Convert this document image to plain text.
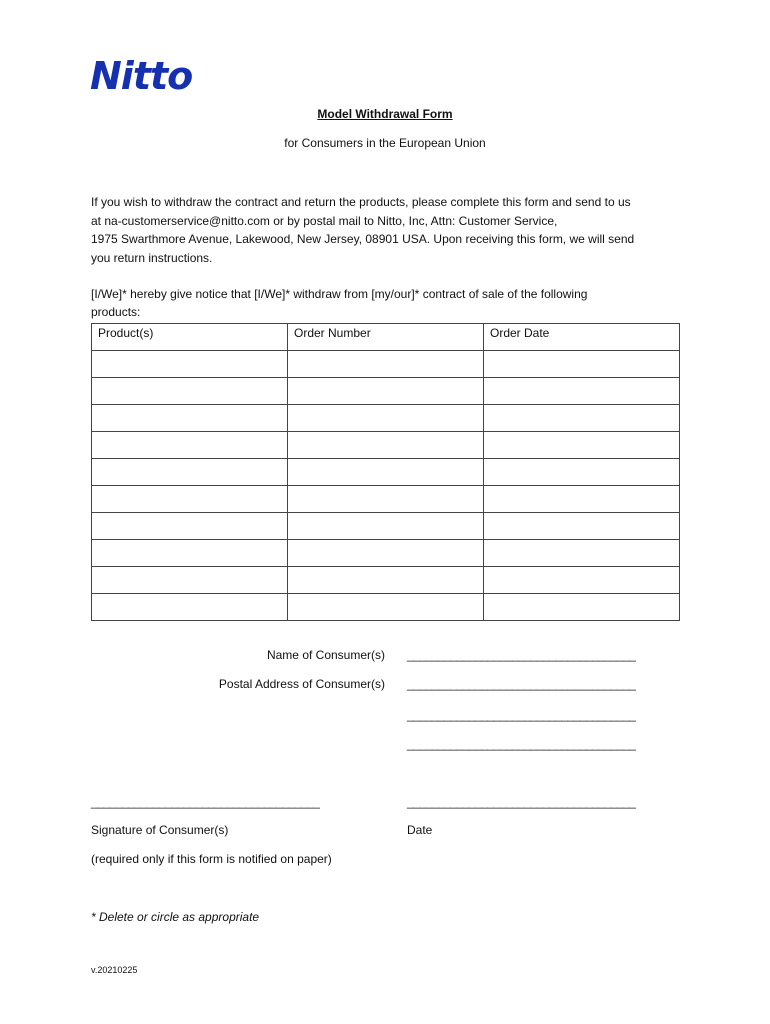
Nitto
Model Withdrawal Form
for Consumers in the European Union
If you wish to withdraw the contract and return the products, please complete this form and send to us
at na-customerservice@nitto.com or by postal mail to Nitto, Inc, Attn: Customer Service,
1975 Swarthmore Avenue, Lakewood, New Jersey, 08901 USA. Upon receiving this form, we will send
you return instructions.
[I/We]* hereby give notice that [I/We]* withdraw from [my/our]* contract of sale of the following
products:
Product(s)	Order Number	Order Date

Name of Consumer(s) _____________________________________
Postal Address of Consumer(s) _____________________________________
_____________________________________
_____________________________________
_____________________________________	_____________________________________
Signature of Consumer(s)	Date
(required only if this form is notified on paper)
* Delete or circle as appropriate
v.20210225
